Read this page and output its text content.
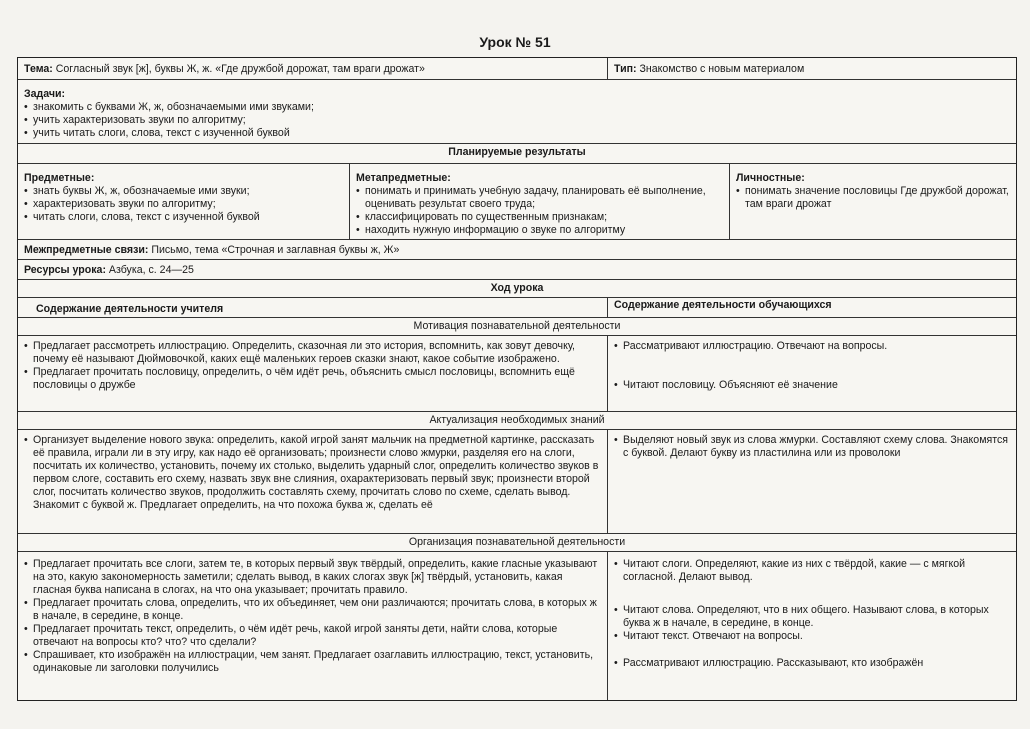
Урок № 51
Тема: Согласный звук [ж], буквы Ж, ж. «Где дружбой дорожат, там враги дрожат»	Тип: Знакомство с новым материалом
Задачи:
• знакомить с буквами Ж, ж, обозначаемыми ими звуками;
• учить характеризовать звуки по алгоритму;
• учить читать слоги, слова, текст с изученной буквой
Планируемые результаты
Предметные:
• знать буквы Ж, ж, обозначаемые ими звуки;
• характеризовать звуки по алгоритму;
• читать слоги, слова, текст с изученной буквой
Метапредметные:
• понимать и принимать учебную задачу, планировать её выполнение, оценивать результат своего труда;
• классифицировать по существенным признакам;
• находить нужную информацию о звуке по алгоритму
Личностные:
• понимать значение пословицы Где дружбой дорожат, там враги дрожат
Межпредметные связи: Письмо, тема «Строчная и заглавная буквы ж, Ж»
Ресурсы урока: Азбука, с. 24—25
Ход урока
Содержание деятельности учителя	Содержание деятельности обучающихся
Мотивация познавательной деятельности
• Предлагает рассмотреть иллюстрацию. Определить, сказочная ли это история, вспомнить, как зовут девочку, почему её называют Дюймовочкой, каких ещё маленьких героев сказки знают, какое событие изображено.
• Предлагает прочитать пословицу, определить, о чём идёт речь, объяснить смысл пословицы, вспомнить ещё пословицы о дружбе
• Рассматривают иллюстрацию. Отвечают на вопросы.
• Читают пословицу. Объясняют её значение
Актуализация необходимых знаний
• Организует выделение нового звука: определить, какой игрой занят мальчик на предметной картинке, рассказать её правила, играли ли в эту игру, как надо её организовать; произнести слово жмурки, разделяя его на слоги, посчитать их количество, установить, почему их столько, выделить ударный слог, определить количество звуков в первом слоге, составить его схему, назвать звук вне слияния, охарактеризовать первый звук; произнести второй слог, посчитать количество звуков, продолжить составлять схему, прочитать слово по схеме, сделать вывод. Знакомит с буквой ж. Предлагает определить, на что похожа буква ж, сделать её
• Выделяют новый звук из слова жмурки. Составляют схему слова. Знакомятся с буквой. Делают букву из пластилина или из проволоки
Организация познавательной деятельности
• Предлагает прочитать все слоги, затем те, в которых первый звук твёрдый, определить, какие гласные указывают на это, какую закономерность заметили; сделать вывод, в каких слогах звук [ж] твёрдый, установить, какая гласная буква написана в слогах, на что она указывает; прочитать правило.
• Предлагает прочитать слова, определить, что их объединяет, чем они различаются; прочитать слова, в которых ж в начале, в середине, в конце.
• Предлагает прочитать текст, определить, о чём идёт речь, какой игрой заняты дети, найти слова, которые отвечают на вопросы кто? что? что сделали?
• Спрашивает, кто изображён на иллюстрации, чем занят. Предлагает озаглавить иллюстрацию, текст, установить, одинаковые ли заголовки получились
• Читают слоги. Определяют, какие из них с твёрдой, какие — с мягкой согласной. Делают вывод.
• Читают слова. Определяют, что в них общего. Называют слова, в которых буква ж в начале, в середине, в конце.
• Читают текст. Отвечают на вопросы.
• Рассматривают иллюстрацию. Рассказывают, кто изображён
